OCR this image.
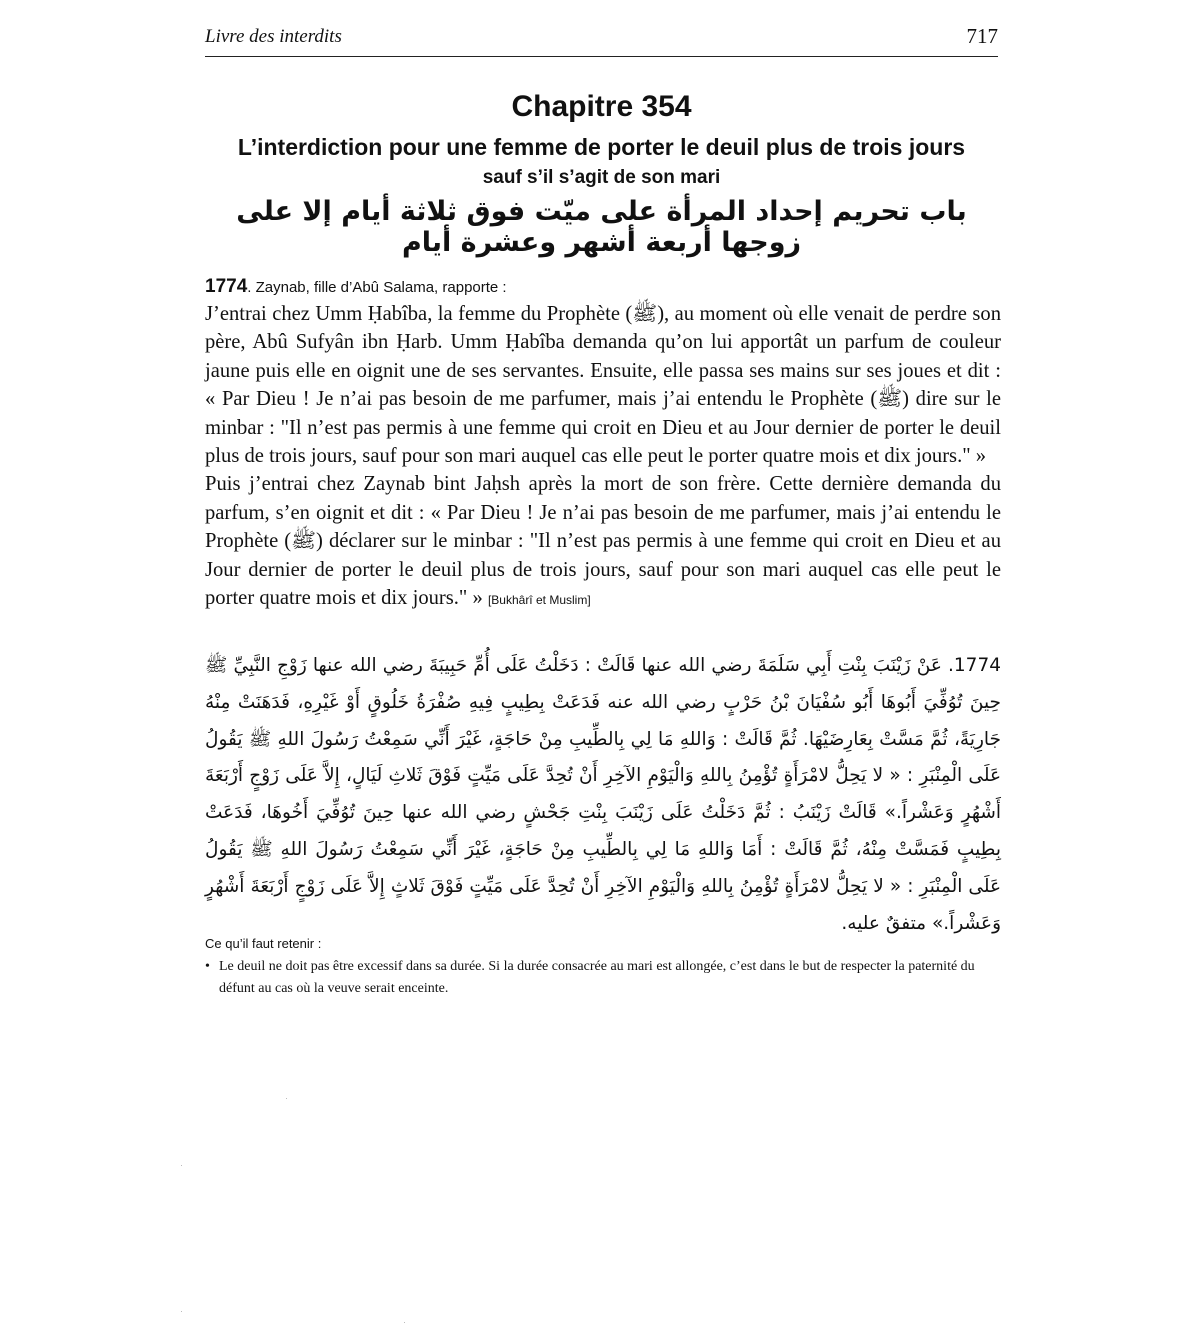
Livre des interdits	717
Chapitre 354
L’interdiction pour une femme de porter le deuil plus de trois jours
sauf s’il s’agit de son mari
باب تحريم إحداد المرأة على ميّت فوق ثلاثة أيام إلا على زوجها أربعة أشهر وعشرة أيام
1774. Zaynab, fille d’Abû Salama, rapporte :

J’entrai chez Umm Ḥabîba, la femme du Prophète (ﷺ), au moment où elle venait de perdre son père, Abû Sufyân ibn Ḥarb. Umm Ḥabîba demanda qu’on lui apportât un parfum de couleur jaune puis elle en oignit une de ses servantes. Ensuite, elle passa ses mains sur ses joues et dit : « Par Dieu ! Je n’ai pas besoin de me parfumer, mais j’ai entendu le Prophète (ﷺ) dire sur le minbar : "Il n’est pas permis à une femme qui croit en Dieu et au Jour dernier de porter le deuil plus de trois jours, sauf pour son mari auquel cas elle peut le porter quatre mois et dix jours." »

Puis j’entrai chez Zaynab bint Jaḥsh après la mort de son frère. Cette dernière demanda du parfum, s’en oignit et dit : « Par Dieu ! Je n’ai pas besoin de me parfumer, mais j’ai entendu le Prophète (ﷺ) déclarer sur le minbar : "Il n’est pas permis à une femme qui croit en Dieu et au Jour dernier de porter le deuil plus de trois jours, sauf pour son mari auquel cas elle peut le porter quatre mois et dix jours." » [Bukhârî et Muslim]

1774. عَنْ زَيْنَبَ بِنْتِ أَبِي سَلَمَةَ رضي الله عنها قَالَتْ : دَخَلْتُ عَلَى أُمِّ حَبِيبَةَ رضي الله عنها زَوْجِ النَّبِيِّ ﷺ حِينَ تُوُفِّيَ أَبُوهَا أَبُو سُفْيَانَ بْنُ حَرْبٍ رضي الله عنه فَدَعَتْ بِطِيبٍ فِيهِ صُفْرَةُ خَلُوقٍ أَوْ غَيْرِهِ، فَدَهَنَتْ مِنْهُ جَارِيَةً، ثُمَّ مَسَّتْ بِعَارِضَيْهَا. ثُمَّ قَالَتْ : وَاللهِ مَا لِي بِالطِّيبِ مِنْ حَاجَةٍ، غَيْرَ أَنِّي سَمِعْتُ رَسُولَ اللهِ ﷺ يَقُولُ عَلَى الْمِنْبَرِ : « لا يَحِلُّ لامْرَأَةٍ تُؤْمِنُ بِاللهِ وَالْيَوْمِ الآخِرِ أَنْ تُحِدَّ عَلَى مَيِّتٍ فَوْقَ ثَلاثِ لَيَالٍ، إِلاَّ عَلَى زَوْجٍ أَرْبَعَةَ أَشْهُرٍ وَعَشْراً.» قَالَتْ زَيْنَبُ : ثُمَّ دَخَلْتُ عَلَى زَيْنَبَ بِنْتِ جَحْشٍ رضي الله عنها حِينَ تُوُفِّيَ أَخُوهَا، فَدَعَتْ بِطِيبٍ فَمَسَّتْ مِنْهُ، ثُمَّ قَالَتْ : أَمَا وَاللهِ مَا لِي بِالطِّيبِ مِنْ حَاجَةٍ، غَيْرَ أَنِّي سَمِعْتُ رَسُولَ اللهِ ﷺ يَقُولُ عَلَى الْمِنْبَرِ : « لا يَحِلُّ لامْرَأَةٍ تُؤْمِنُ بِاللهِ وَالْيَوْمِ الآخِرِ أَنْ تُحِدَّ عَلَى مَيِّتٍ فَوْقَ ثَلاثٍ إِلاَّ عَلَى زَوْجٍ أَرْبَعَةَ أَشْهُرٍ وَعَشْراً.» متفقٌ عليه.
Ce qu’il faut retenir :
• Le deuil ne doit pas être excessif dans sa durée. Si la durée consacrée au mari est allongée, c’est dans le but de respecter la paternité du défunt au cas où la veuve serait enceinte.
